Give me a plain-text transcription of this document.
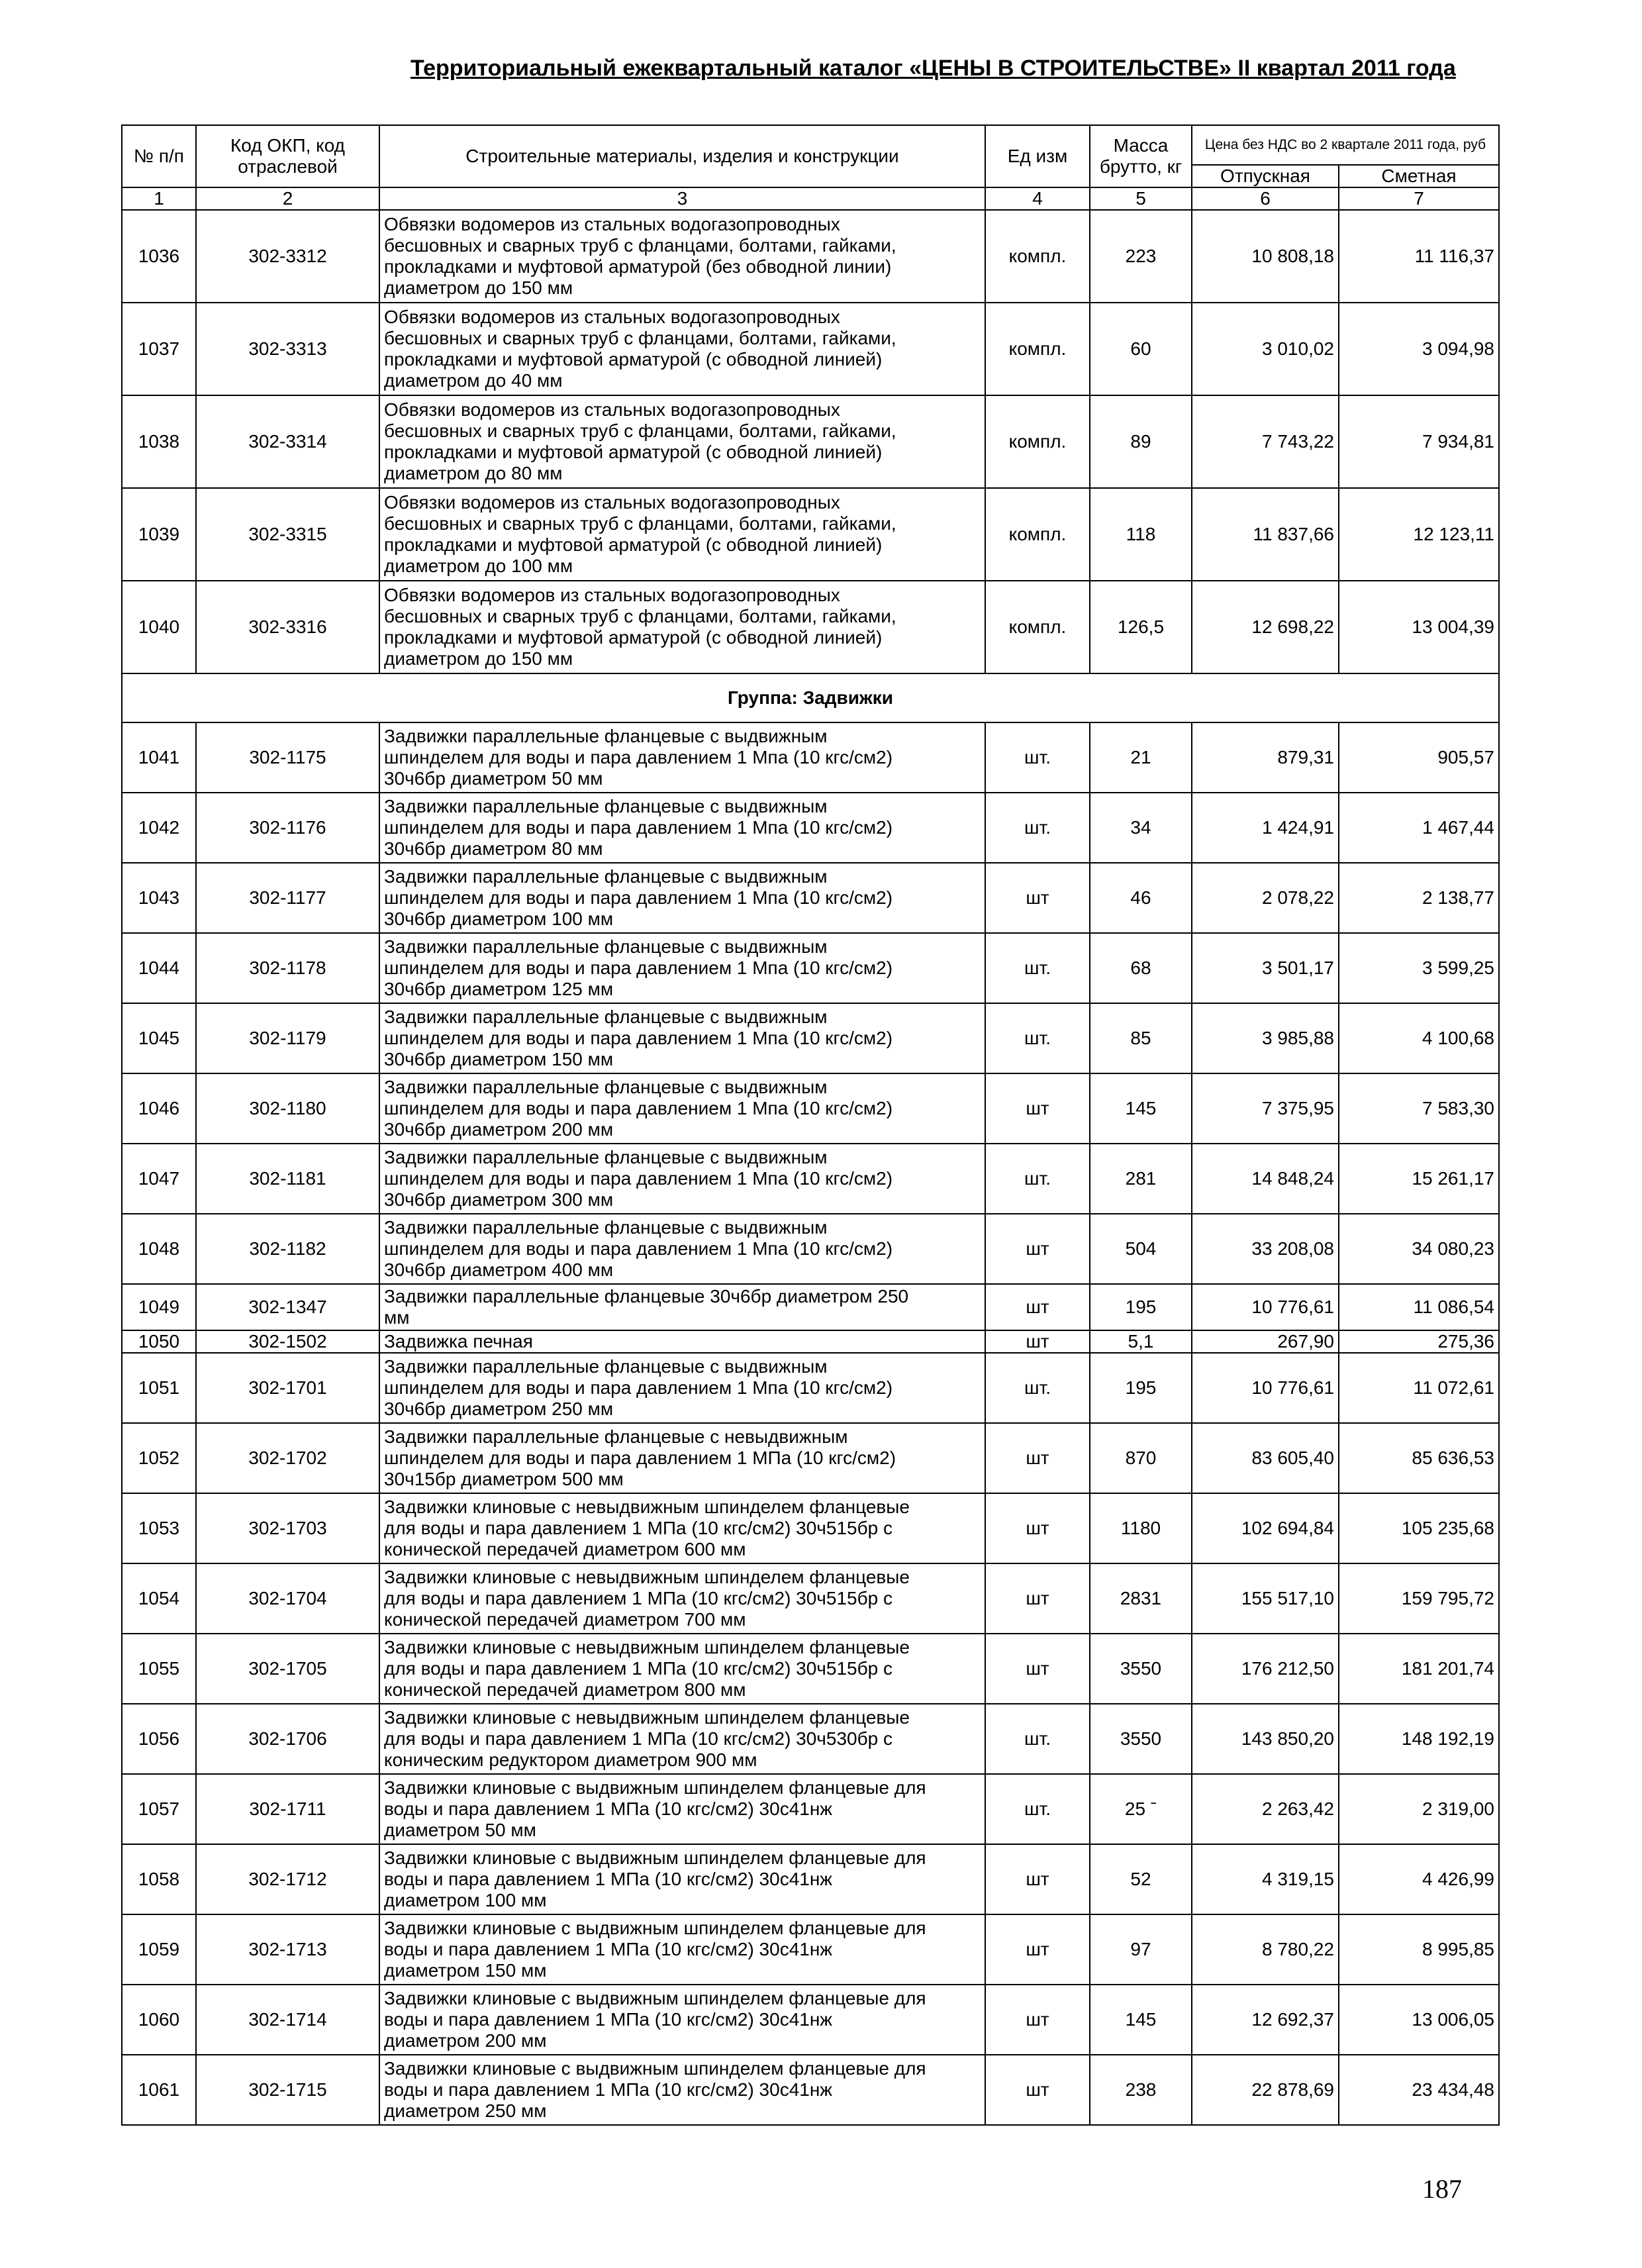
Территориальный ежеквартальный каталог «ЦЕНЫ В СТРОИТЕЛЬСТВЕ» II квартал 2011 года
№ п/п	Код ОКП, код отраслевой	Строительные материалы, изделия и конструкции	Ед изм	Масса брутто, кг	Цена без НДС во 2 квартале 2011 года, руб	
					Отпускная	Сметная
1	2	3	4	5	6	7
1036	302-3312	Обвязки водомеров из стальных водогазопроводных
бесшовных и сварных труб с фланцами, болтами, гайками,
прокладками и муфтовой арматурой (без обводной линии)
диаметром до 150 мм	компл.	223	10 808,18	11 116,37
1037	302-3313	Обвязки водомеров из стальных водогазопроводных
бесшовных и сварных труб с фланцами, болтами, гайками,
прокладками и муфтовой арматурой (с обводной линией)
диаметром до 40 мм	компл.	60	3 010,02	3 094,98
1038	302-3314	Обвязки водомеров из стальных водогазопроводных
бесшовных и сварных труб с фланцами, болтами, гайками,
прокладками и муфтовой арматурой (с обводной линией)
диаметром до 80 мм	компл.	89	7 743,22	7 934,81
1039	302-3315	Обвязки водомеров из стальных водогазопроводных
бесшовных и сварных труб с фланцами, болтами, гайками,
прокладками и муфтовой арматурой (с обводной линией)
диаметром до 100 мм	компл.	118	11 837,66	12 123,11
1040	302-3316	Обвязки водомеров из стальных водогазопроводных
бесшовных и сварных труб с фланцами, болтами, гайками,
прокладками и муфтовой арматурой (с обводной линией)
диаметром до 150 мм	компл.	126,5	12 698,22	13 004,39
Группа: Задвижки						
1041	302-1175	Задвижки параллельные фланцевые с выдвижным
шпинделем для воды и пара давлением 1 Мпа (10 кгс/см2)
30ч6бр диаметром 50 мм	шт.	21	879,31	905,57
1042	302-1176	Задвижки параллельные фланцевые с выдвижным
шпинделем для воды и пара давлением 1 Мпа (10 кгс/см2)
30ч6бр диаметром 80 мм	шт.	34	1 424,91	1 467,44
1043	302-1177	Задвижки параллельные фланцевые с выдвижным
шпинделем для воды и пара давлением 1 Мпа (10 кгс/см2)
30ч6бр диаметром 100 мм	шт	46	2 078,22	2 138,77
1044	302-1178	Задвижки параллельные фланцевые с выдвижным
шпинделем для воды и пара давлением 1 Мпа (10 кгс/см2)
30ч6бр диаметром 125 мм	шт.	68	3 501,17	3 599,25
1045	302-1179	Задвижки параллельные фланцевые с выдвижным
шпинделем для воды и пара давлением 1 Мпа (10 кгс/см2)
30ч6бр диаметром 150 мм	шт.	85	3 985,88	4 100,68
1046	302-1180	Задвижки параллельные фланцевые с выдвижным
шпинделем для воды и пара давлением 1 Мпа (10 кгс/см2)
30ч6бр диаметром 200 мм	шт	145	7 375,95	7 583,30
1047	302-1181	Задвижки параллельные фланцевые с выдвижным
шпинделем для воды и пара давлением 1 Мпа (10 кгс/см2)
30ч6бр диаметром 300 мм	шт.	281	14 848,24	15 261,17
1048	302-1182	Задвижки параллельные фланцевые с выдвижным
шпинделем для воды и пара давлением 1 Мпа (10 кгс/см2)
30ч6бр диаметром 400 мм	шт	504	33 208,08	34 080,23
1049	302-1347	Задвижки параллельные фланцевые 30ч6бр диаметром 250
мм	шт	195	10 776,61	11 086,54
1050	302-1502	Задвижка печная	шт	5,1	267,90	275,36
1051	302-1701	Задвижки параллельные фланцевые с выдвижным
шпинделем для воды и пара давлением 1 Мпа (10 кгс/см2)
30ч6бр диаметром 250 мм	шт.	195	10 776,61	11 072,61
1052	302-1702	Задвижки параллельные фланцевые с невыдвижным
шпинделем для воды и пара давлением 1 МПа (10 кгс/см2)
30ч15бр диаметром 500 мм	шт	870	83 605,40	85 636,53
1053	302-1703	Задвижки клиновые с невыдвижным шпинделем фланцевые
для воды и пара давлением 1 МПа (10 кгс/см2) 30ч515бр с
конической передачей диаметром 600 мм	шт	1180	102 694,84	105 235,68
1054	302-1704	Задвижки клиновые с невыдвижным шпинделем фланцевые
для воды и пара давлением 1 МПа (10 кгс/см2) 30ч515бр с
конической передачей диаметром 700 мм	шт	2831	155 517,10	159 795,72
1055	302-1705	Задвижки клиновые с невыдвижным шпинделем фланцевые
для воды и пара давлением 1 МПа (10 кгс/см2) 30ч515бр с
конической передачей диаметром 800 мм	шт	3550	176 212,50	181 201,74
1056	302-1706	Задвижки клиновые с невыдвижным шпинделем фланцевые
для воды и пара давлением 1 МПа (10 кгс/см2) 30ч530бр с
коническим редуктором диаметром 900 мм	шт.	3550	143 850,20	148 192,19
1057	302-1711	Задвижки клиновые с выдвижным шпинделем фланцевые для
воды и пара давлением 1 МПа (10 кгс/см2) 30с41нж
диаметром 50 мм	шт.	25 ˉ	2 263,42	2 319,00
1058	302-1712	Задвижки клиновые с выдвижным шпинделем фланцевые для
воды и пара давлением 1 МПа (10 кгс/см2) 30с41нж
диаметром 100 мм	шт	52	4 319,15	4 426,99
1059	302-1713	Задвижки клиновые с выдвижным шпинделем фланцевые для
воды и пара давлением 1 МПа (10 кгс/см2) 30с41нж
диаметром 150 мм	шт	97	8 780,22	8 995,85
1060	302-1714	Задвижки клиновые с выдвижным шпинделем фланцевые для
воды и пара давлением 1 МПа (10 кгс/см2) 30с41нж
диаметром 200 мм	шт	145	12 692,37	13 006,05
1061	302-1715	Задвижки клиновые с выдвижным шпинделем фланцевые для
воды и пара давлением 1 МПа (10 кгс/см2) 30с41нж
диаметром 250 мм	шт	238	22 878,69	23 434,48
187
